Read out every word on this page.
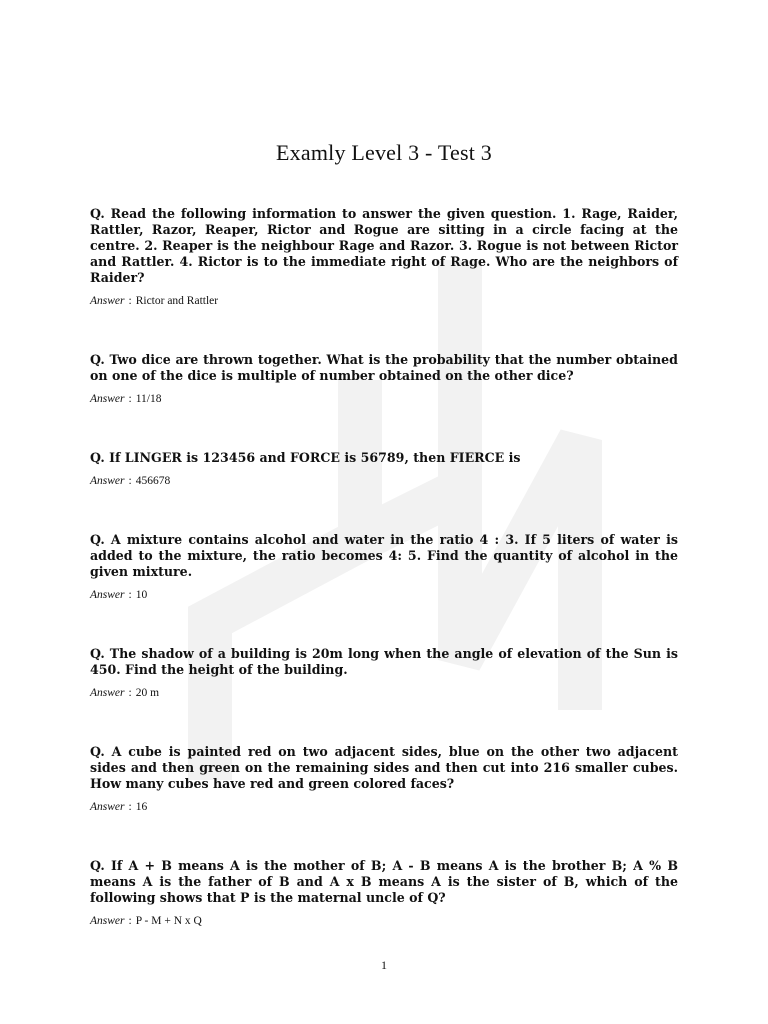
Examly Level 3 - Test 3

Q. Read the following information to answer the given question. 1. Rage, Raider, Rattler, Razor, Reaper, Rictor and Rogue are sitting in a circle facing at the centre. 2. Reaper is the neighbour Rage and Razor. 3. Rogue is not between Rictor and Rattler. 4. Rictor is to the immediate right of Rage. Who are the neighbors of Raider?

Answer : Rictor and Rattler

Q. Two dice are thrown together. What is the probability that the number obtained on one of the dice is multiple of number obtained on the other dice?

Answer : 11/18

Q. If LINGER is 123456 and FORCE is 56789, then FIERCE is

Answer : 456678

Q. A mixture contains alcohol and water in the ratio 4 : 3. If 5 liters of water is added to the mixture, the ratio becomes 4: 5. Find the quantity of alcohol in the given mixture.

Answer : 10

Q. The shadow of a building is 20m long when the angle of elevation of the Sun is 450. Find the height of the building.

Answer : 20 m

Q. A cube is painted red on two adjacent sides, blue on the other two adjacent sides and then green on the remaining sides and then cut into 216 smaller cubes. How many cubes have red and green colored faces?

Answer : 16

Q. If A + B means A is the mother of B; A - B means A is the brother B; A % B means A is the father of B and A x B means A is the sister of B, which of the following shows that P is the maternal uncle of Q?

Answer : P - M + N x Q

1
